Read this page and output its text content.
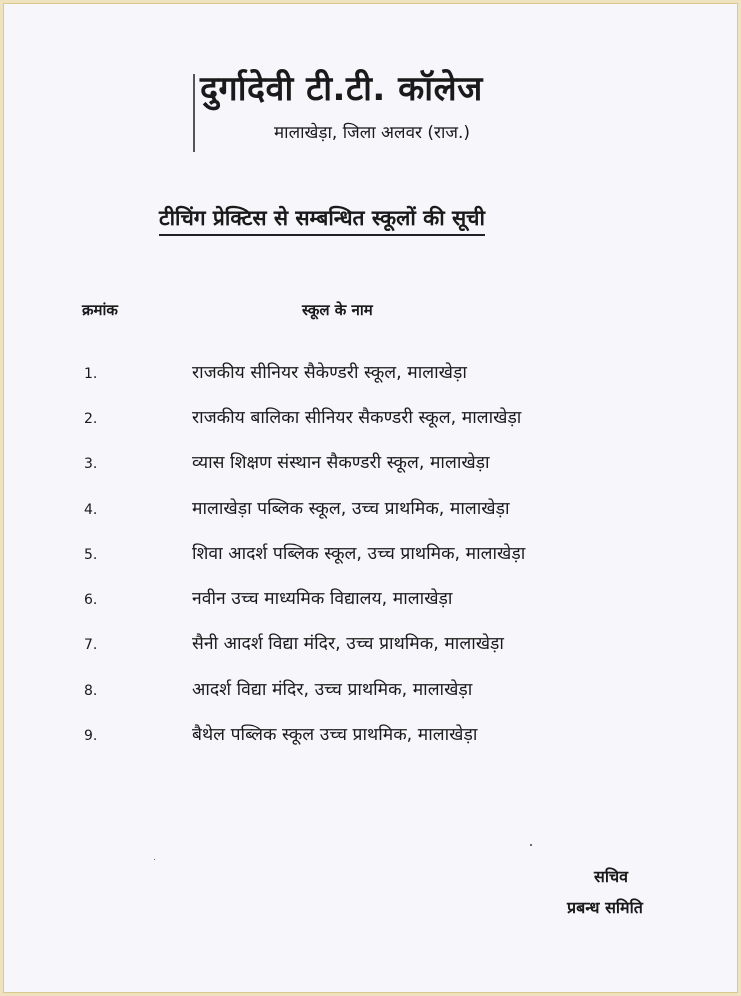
दुर्गादेवी टी.टी. कॉलेज
मालाखेड़ा, जिला अलवर (राज.)
टीचिंग प्रेक्टिस से सम्बन्धित स्कूलों की सूची
क्रमांक	स्कूल के नाम
1.	राजकीय सीनियर सैकेण्डरी स्कूल, मालाखेड़ा
2.	राजकीय बालिका सीनियर सैकण्डरी स्कूल, मालाखेड़ा
3.	व्यास शिक्षण संस्थान सैकण्डरी स्कूल, मालाखेड़ा
4.	मालाखेड़ा पब्लिक स्कूल, उच्च प्राथमिक, मालाखेड़ा
5.	शिवा आदर्श पब्लिक स्कूल, उच्च प्राथमिक, मालाखेड़ा
6.	नवीन उच्च माध्यमिक विद्यालय, मालाखेड़ा
7.	सैनी आदर्श विद्या मंदिर, उच्च प्राथमिक, मालाखेड़ा
8.	आदर्श विद्या मंदिर, उच्च प्राथमिक, मालाखेड़ा
9.	बैथेल पब्लिक स्कूल उच्च प्राथमिक, मालाखेड़ा
सचिव
प्रबन्ध समिति
